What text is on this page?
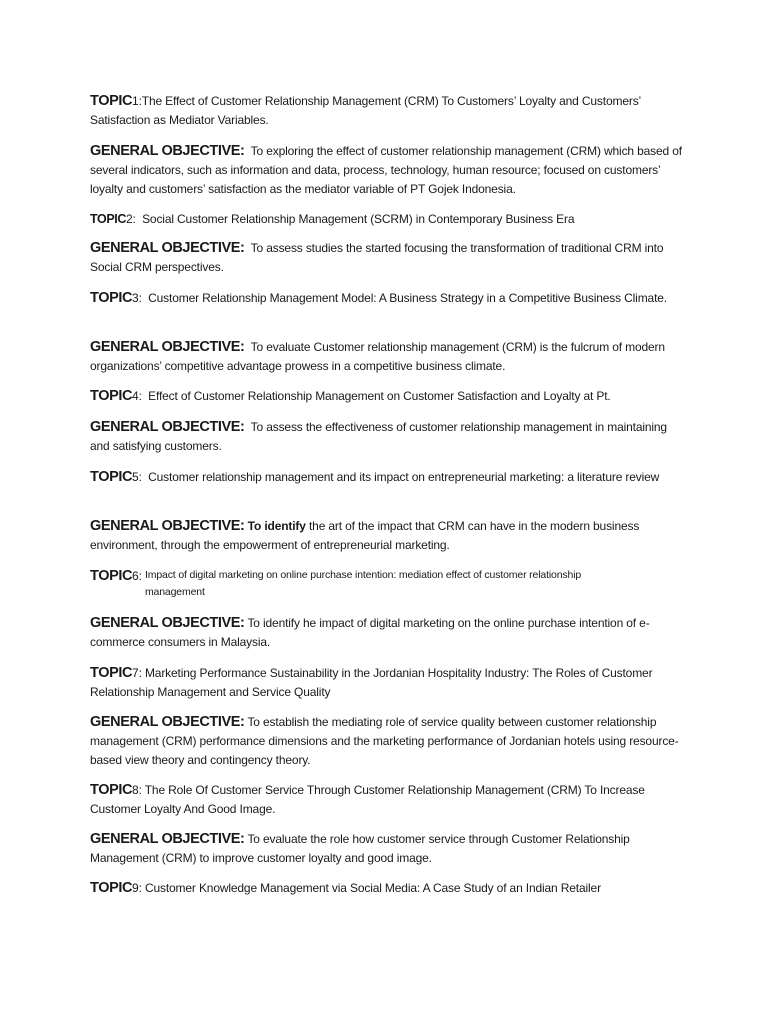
TOPIC1:The Effect of Customer Relationship Management (CRM) To Customers’ Loyalty and Customers’ Satisfaction as Mediator Variables.

GENERAL OBJECTIVE: To exploring the effect of customer relationship management (CRM) which based of several indicators, such as information and data, process, technology, human resource; focused on customers’ loyalty and customers’ satisfaction as the mediator variable of PT Gojek Indonesia.

TOPIC2:  Social Customer Relationship Management (SCRM) in Contemporary Business Era

GENERAL OBJECTIVE: To assess studies the started focusing the transformation of traditional CRM into Social CRM perspectives.

TOPIC3:  Customer Relationship Management Model: A Business Strategy in a Competitive Business Climate.

GENERAL OBJECTIVE: To evaluate Customer relationship management (CRM) is the fulcrum of modern organizations’ competitive advantage prowess in a competitive business climate.

TOPIC4:  Effect of Customer Relationship Management on Customer Satisfaction and Loyalty at Pt.

GENERAL OBJECTIVE: To assess the effectiveness of customer relationship management in maintaining and satisfying customers.

TOPIC5:  Customer relationship management and its impact on entrepreneurial marketing: a literature review

GENERAL OBJECTIVE: To identify the art of the impact that CRM can have in the modern business environment, through the empowerment of entrepreneurial marketing.

TOPIC6: Impact of digital marketing on online purchase intention: mediation effect of customer relationship management

GENERAL OBJECTIVE: To identify he impact of digital marketing on the online purchase intention of e-commerce consumers in Malaysia.

TOPIC7: Marketing Performance Sustainability in the Jordanian Hospitality Industry: The Roles of Customer Relationship Management and Service Quality

GENERAL OBJECTIVE: To establish the mediating role of service quality between customer relationship management (CRM) performance dimensions and the marketing performance of Jordanian hotels using resource-based view theory and contingency theory.

TOPIC8: The Role Of Customer Service Through Customer Relationship Management (CRM) To Increase Customer Loyalty And Good Image.

GENERAL OBJECTIVE: To evaluate the role how customer service through Customer Relationship Management (CRM) to improve customer loyalty and good image.

TOPIC9: Customer Knowledge Management via Social Media: A Case Study of an Indian Retailer
